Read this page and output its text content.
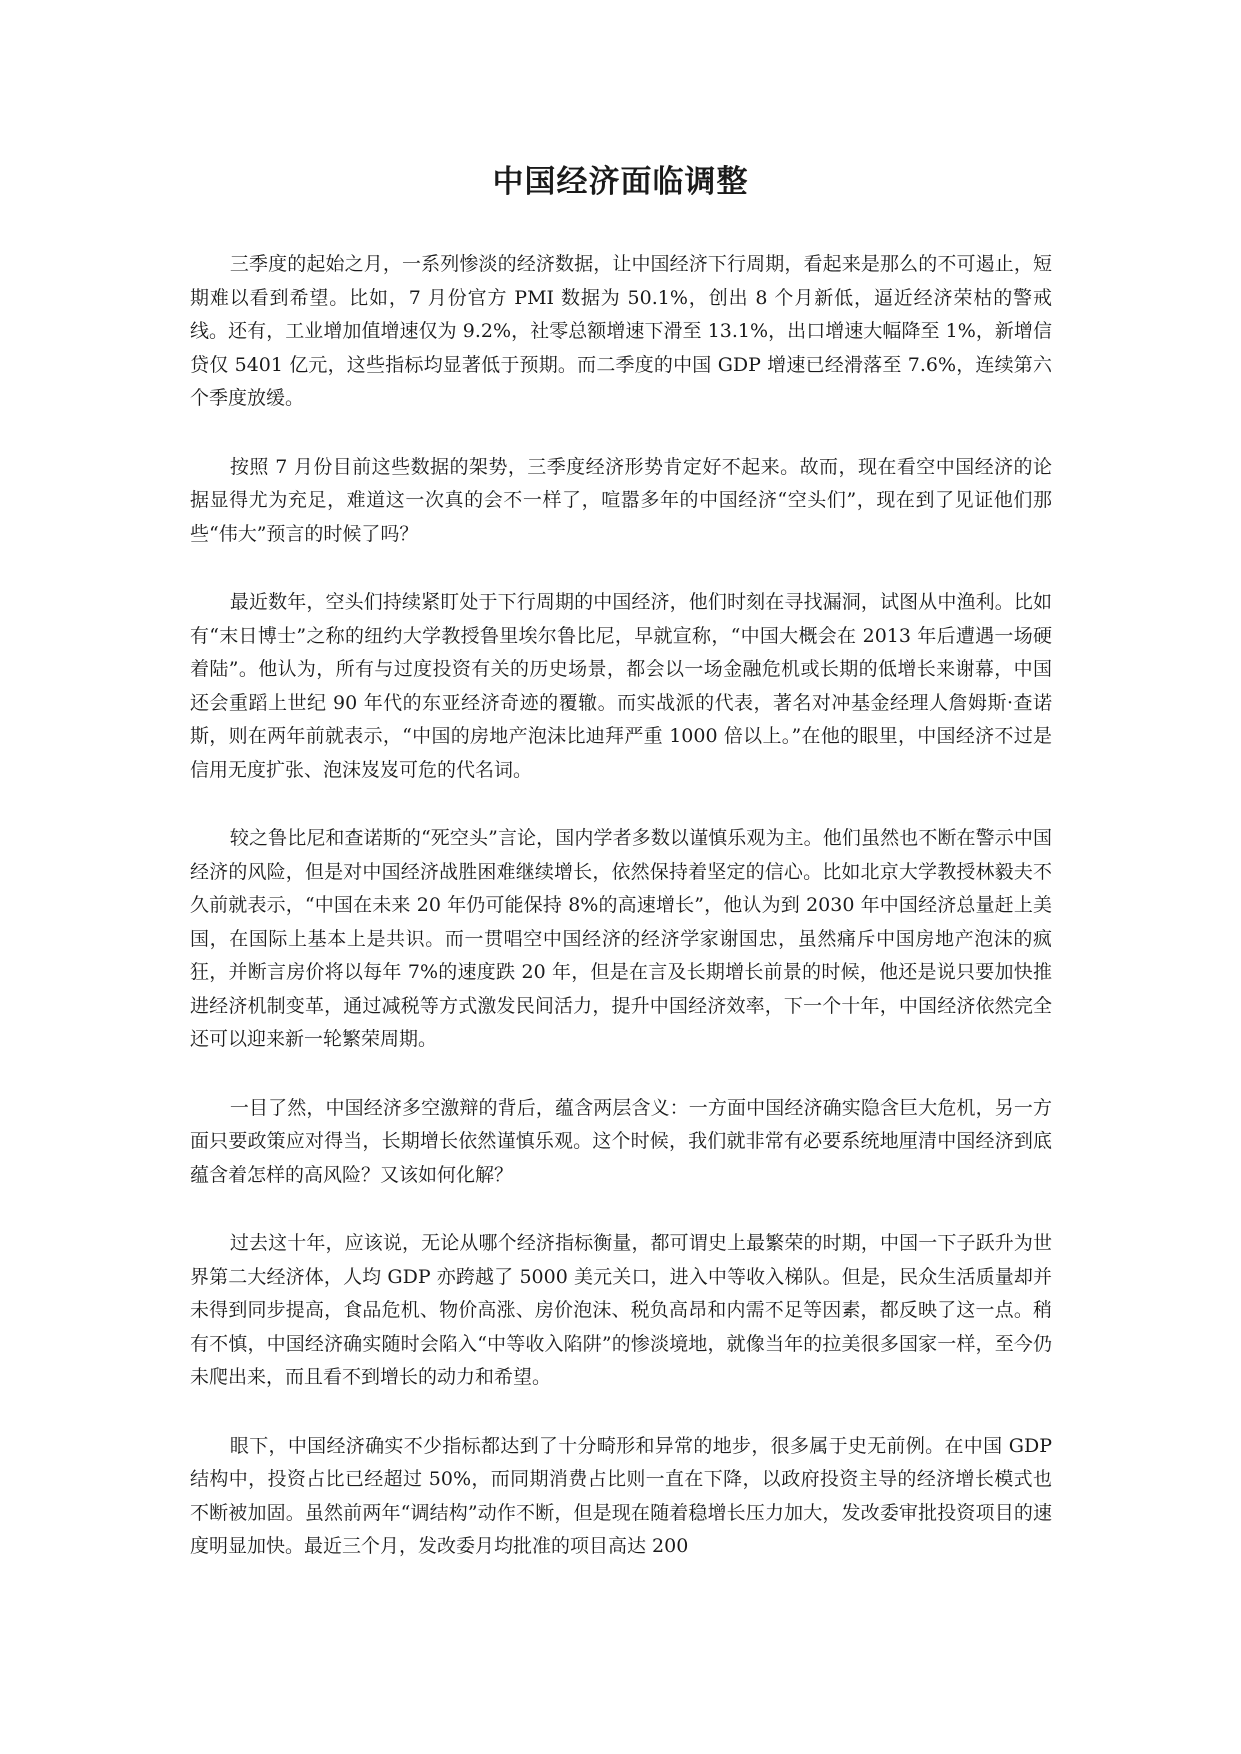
中国经济面临调整

三季度的起始之月，一系列惨淡的经济数据，让中国经济下行周期，看起来是那么的不可遏止，短期难以看到希望。比如，7 月份官方 PMI 数据为 50.1%，创出 8 个月新低，逼近经济荣枯的警戒线。还有，工业增加值增速仅为 9.2%，社零总额增速下滑至 13.1%，出口增速大幅降至 1%，新增信贷仅 5401 亿元，这些指标均显著低于预期。而二季度的中国 GDP 增速已经滑落至 7.6%，连续第六个季度放缓。

按照 7 月份目前这些数据的架势，三季度经济形势肯定好不起来。故而，现在看空中国经济的论据显得尤为充足，难道这一次真的会不一样了，喧嚣多年的中国经济“空头们”，现在到了见证他们那些“伟大”预言的时候了吗？

最近数年，空头们持续紧盯处于下行周期的中国经济，他们时刻在寻找漏洞，试图从中渔利。比如有“末日博士”之称的纽约大学教授鲁里埃尔鲁比尼，早就宣称，“中国大概会在 2013 年后遭遇一场硬着陆”。他认为，所有与过度投资有关的历史场景，都会以一场金融危机或长期的低增长来谢幕，中国还会重蹈上世纪 90 年代的东亚经济奇迹的覆辙。而实战派的代表，著名对冲基金经理人詹姆斯·查诺斯，则在两年前就表示，“中国的房地产泡沫比迪拜严重 1000 倍以上。”在他的眼里，中国经济不过是信用无度扩张、泡沫岌岌可危的代名词。

较之鲁比尼和查诺斯的“死空头”言论，国内学者多数以谨慎乐观为主。他们虽然也不断在警示中国经济的风险，但是对中国经济战胜困难继续增长，依然保持着坚定的信心。比如北京大学教授林毅夫不久前就表示，“中国在未来 20 年仍可能保持 8%的高速增长”，他认为到 2030 年中国经济总量赶上美国，在国际上基本上是共识。而一贯唱空中国经济的经济学家谢国忠，虽然痛斥中国房地产泡沫的疯狂，并断言房价将以每年 7%的速度跌 20 年，但是在言及长期增长前景的时候，他还是说只要加快推进经济机制变革，通过减税等方式激发民间活力，提升中国经济效率，下一个十年，中国经济依然完全还可以迎来新一轮繁荣周期。

一目了然，中国经济多空激辩的背后，蕴含两层含义：一方面中国经济确实隐含巨大危机，另一方面只要政策应对得当，长期增长依然谨慎乐观。这个时候，我们就非常有必要系统地厘清中国经济到底蕴含着怎样的高风险？又该如何化解？

过去这十年，应该说，无论从哪个经济指标衡量，都可谓史上最繁荣的时期，中国一下子跃升为世界第二大经济体，人均 GDP 亦跨越了 5000 美元关口，进入中等收入梯队。但是，民众生活质量却并未得到同步提高，食品危机、物价高涨、房价泡沫、税负高昂和内需不足等因素，都反映了这一点。稍有不慎，中国经济确实随时会陷入“中等收入陷阱”的惨淡境地，就像当年的拉美很多国家一样，至今仍未爬出来，而且看不到增长的动力和希望。

眼下，中国经济确实不少指标都达到了十分畸形和异常的地步，很多属于史无前例。在中国 GDP 结构中，投资占比已经超过 50%，而同期消费占比则一直在下降，以政府投资主导的经济增长模式也不断被加固。虽然前两年“调结构”动作不断，但是现在随着稳增长压力加大，发改委审批投资项目的速度明显加快。最近三个月，发改委月均批准的项目高达 200
